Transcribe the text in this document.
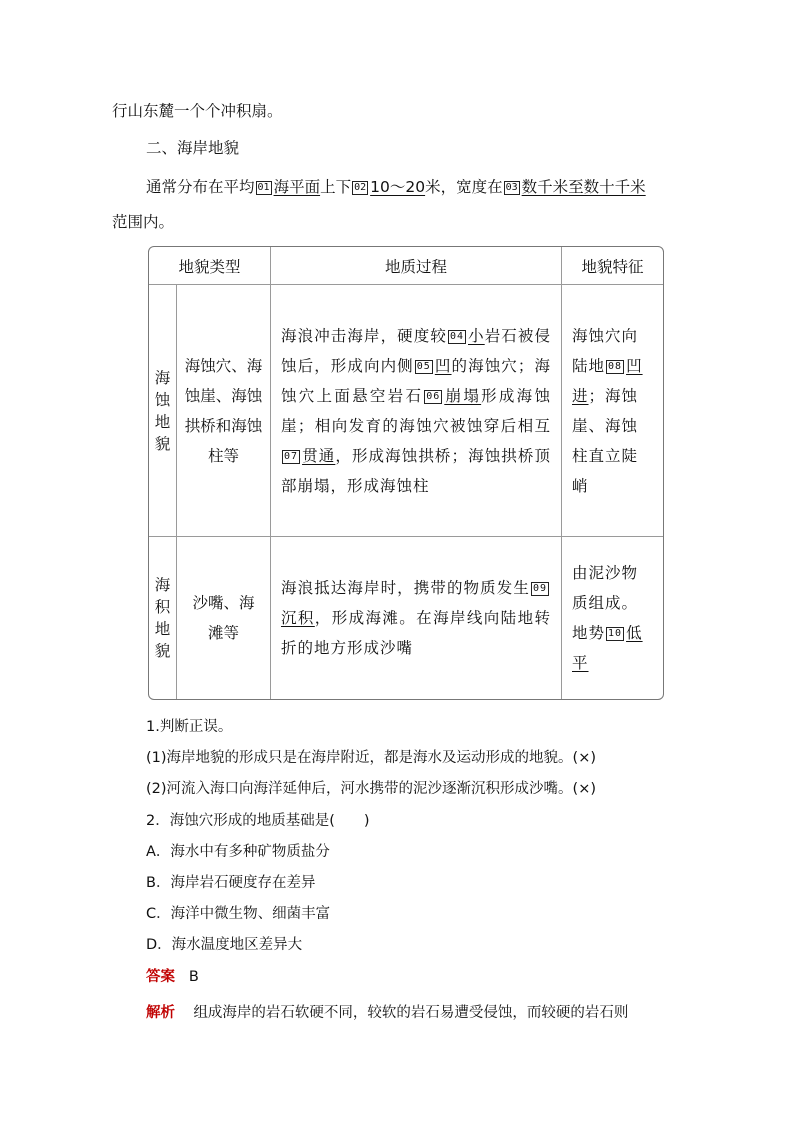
行山东麓一个个冲积扇。
二、海岸地貌
通常分布在平均 01 海平面上下 02 10～20米，宽度在 03 数千米至数十千米
范围内。
地貌类型		地质过程	地貌特征
海
蚀
地
貌	海蚀穴、海蚀崖、海蚀拱桥和海蚀柱等	海浪冲击海岸，硬度较 04 小岩石被侵蚀后，形成向内侧 05 凹的海蚀穴；海蚀穴上面悬空岩石 06 崩塌形成海蚀崖；相向发育的海蚀穴被蚀穿后相互07 贯通，形成海蚀拱桥；海蚀拱桥顶部崩塌，形成海蚀柱	海蚀穴向陆地 08 凹进；海蚀崖、海蚀柱直立陡峭
海
积
地
貌	沙嘴、海滩等	海浪抵达海岸时，携带的物质发生 09沉积，形成海滩。在海岸线向陆地转折的地方形成沙嘴	由泥沙物质组成。地势 10 低平
1.判断正误。
(1)海岸地貌的形成只是在海岸附近，都是海水及运动形成的地貌。(×)
(2)河流入海口向海洋延伸后，河水携带的泥沙逐渐沉积形成沙嘴。(×)
2．海蚀穴形成的地质基础是(　　)
A．海水中有多种矿物质盐分
B．海岸岩石硬度存在差异
C．海洋中微生物、细菌丰富
D．海水温度地区差异大
答案 B
解析 组成海岸的岩石软硬不同，较软的岩石易遭受侵蚀，而较硬的岩石则
